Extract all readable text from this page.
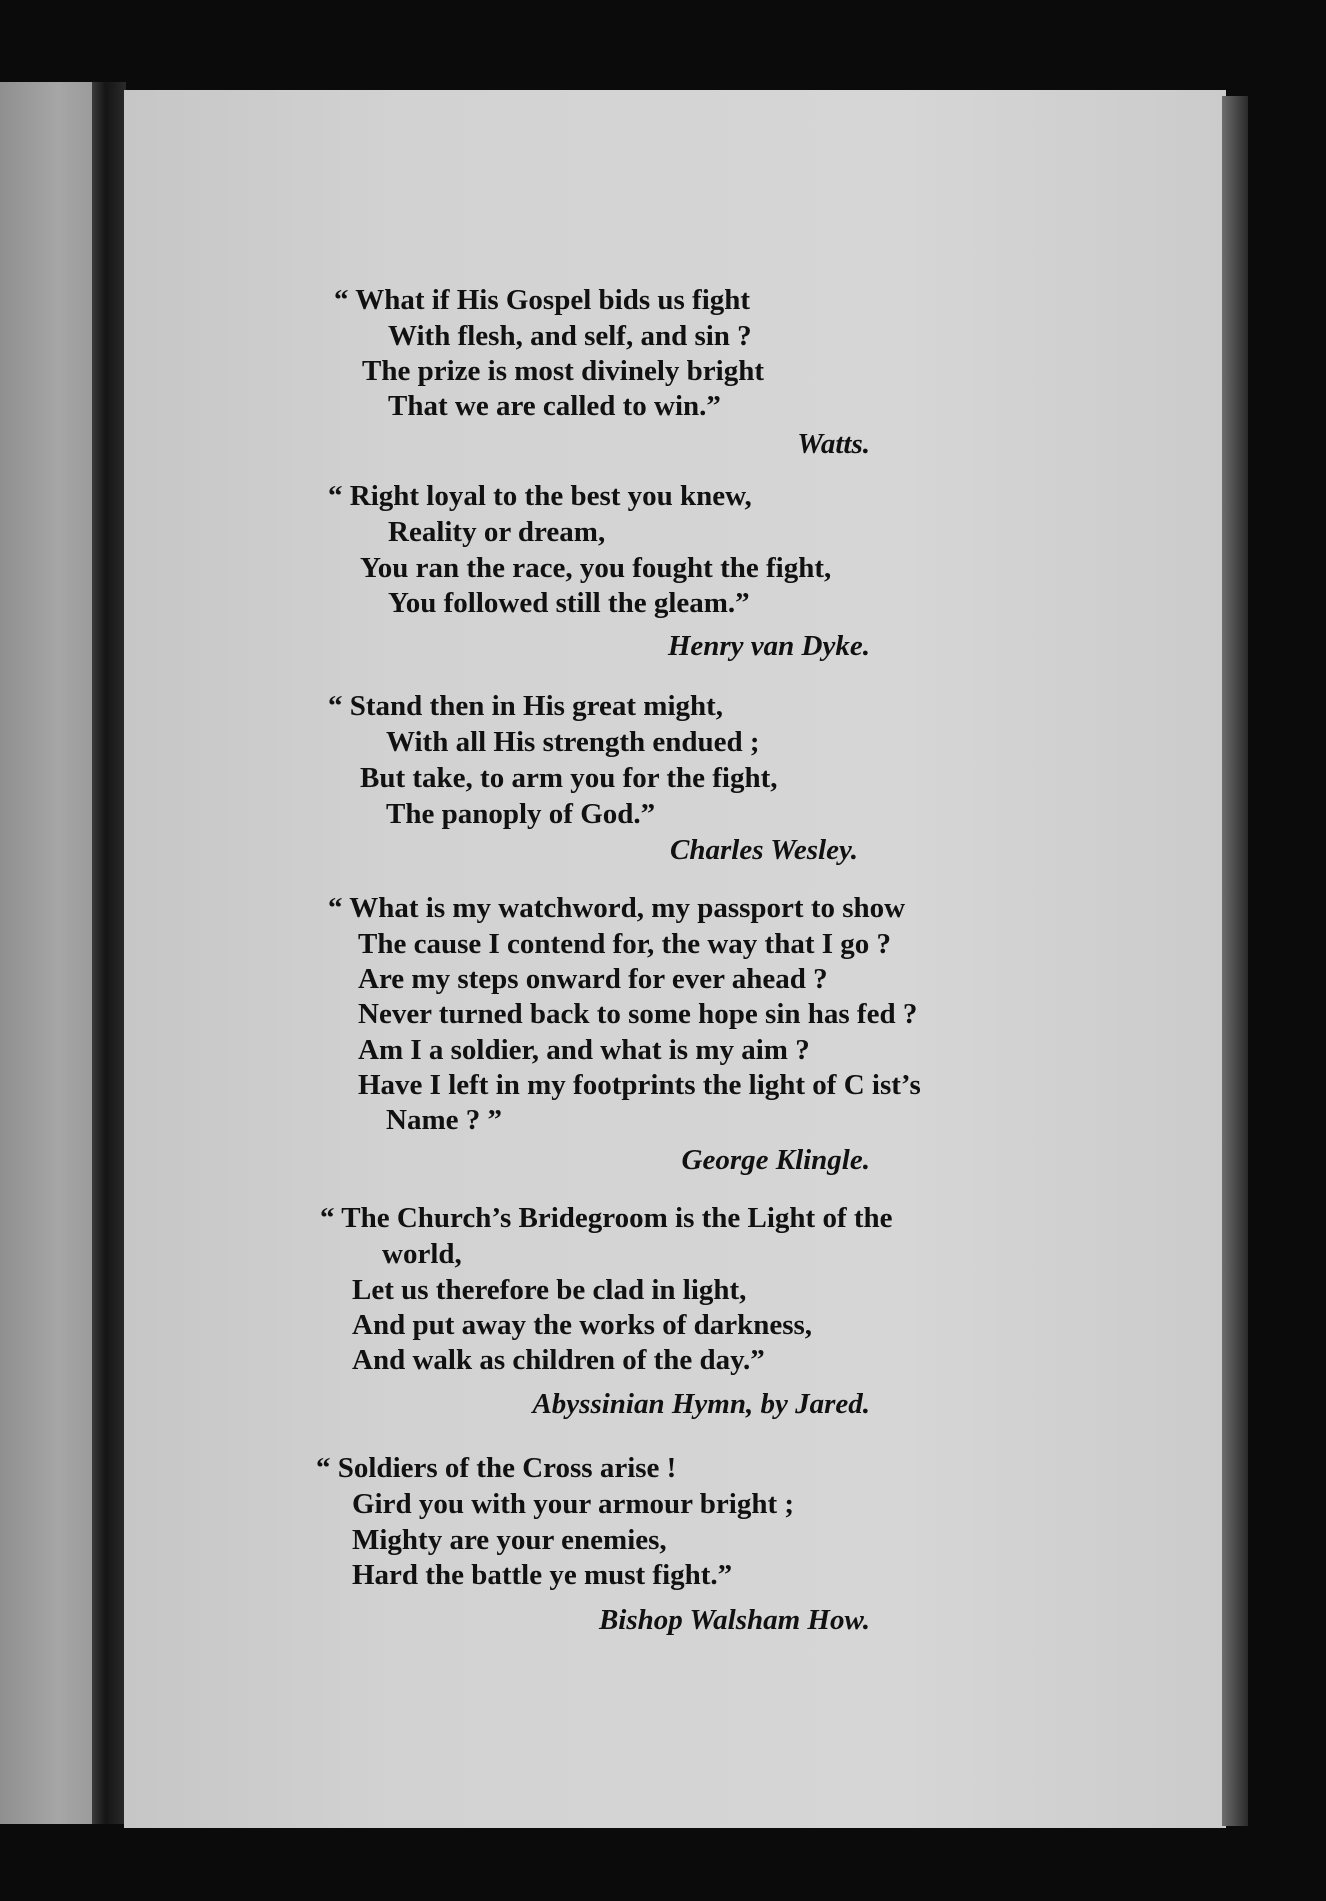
“ What if His Gospel bids us fight
With flesh, and self, and sin ?
The prize is most divinely bright
That we are called to win.”
Watts.
“ Right loyal to the best you knew,
Reality or dream,
You ran the race, you fought the fight,
You followed still the gleam.”
Henry van Dyke.
“ Stand then in His great might,
With all His strength endued ;
But take, to arm you for the fight,
The panoply of God.”
Charles Wesley.
“ What is my watchword, my passport to show
The cause I contend for, the way that I go ?
Are my steps onward for ever ahead ?
Never turned back to some hope sin has fed ?
Am I a soldier, and what is my aim ?
Have I left in my footprints the light of C ist’s
Name ? ”
George Klingle.
“ The Church’s Bridegroom is the Light of the
world,
Let us therefore be clad in light,
And put away the works of darkness,
And walk as children of the day.”
Abyssinian Hymn, by Jared.
“ Soldiers of the Cross arise !
Gird you with your armour bright ;
Mighty are your enemies,
Hard the battle ye must fight.”
Bishop Walsham How.
